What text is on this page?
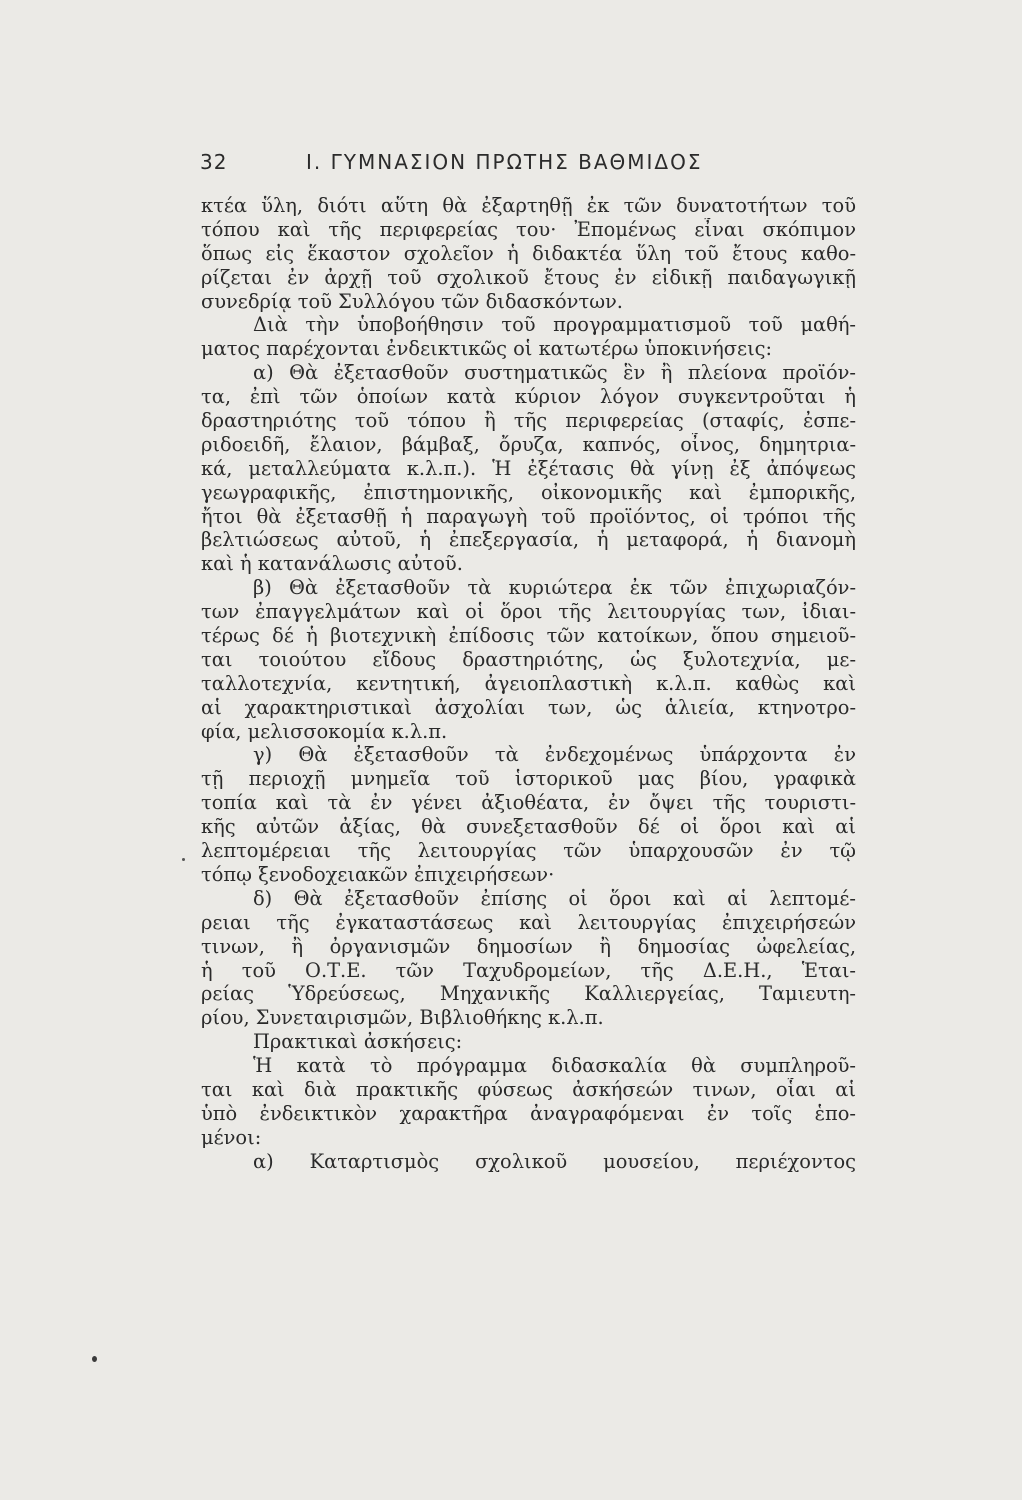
32	Ι. ΓΥΜΝΑΣΙΟΝ ΠΡΩΤΗΣ ΒΑΘΜΙΔΟΣ
κτέα ὕλη, διότι αὕτη θὰ ἐξαρτηθῇ ἐκ τῶν δυνατοτήτων τοῦ
τόπου καὶ τῆς περιφερείας του· Ἐπομένως εἶναι σκόπιμον
ὅπως εἰς ἕκαστον σχολεῖον ἡ διδακτέα ὕλη τοῦ ἔτους καθο-
ρίζεται ἐν ἀρχῇ τοῦ σχολικοῦ ἔτους ἐν εἰδικῇ παιδαγωγικῇ
συνεδρίᾳ τοῦ Συλλόγου τῶν διδασκόντων.
Διὰ τὴν ὑποβοήθησιν τοῦ προγραμματισμοῦ τοῦ μαθή-
ματος παρέχονται ἐνδεικτικῶς οἱ κατωτέρω ὑποκινήσεις:
α) Θὰ ἐξετασθοῦν συστηματικῶς ἓν ἢ πλείονα προϊόν-
τα, ἐπὶ τῶν ὁποίων κατὰ κύριον λόγον συγκεντροῦται ἡ
δραστηριότης τοῦ τόπου ἢ τῆς περιφερείας (σταφίς, ἐσπε-
ριδοειδῆ, ἔλαιον, βάμβαξ, ὄρυζα, καπνός, οἶνος, δημητρια-
κά, μεταλλεύματα κ.λ.π.). Ἡ ἐξέτασις θὰ γίνῃ ἐξ ἀπόψεως
γεωγραφικῆς, ἐπιστημονικῆς, οἰκονομικῆς καὶ ἐμπορικῆς,
ἤτοι θὰ ἐξετασθῇ ἡ παραγωγὴ τοῦ προϊόντος, οἱ τρόποι τῆς
βελτιώσεως αὐτοῦ, ἡ ἐπεξεργασία, ἡ μεταφορά, ἡ διανομὴ
καὶ ἡ κατανάλωσις αὐτοῦ.
β) Θὰ ἐξετασθοῦν τὰ κυριώτερα ἐκ τῶν ἐπιχωριαζόν-
των ἐπαγγελμάτων καὶ οἱ ὅροι τῆς λειτουργίας των, ἰδιαι-
τέρως δέ ἡ βιοτεχνικὴ ἐπίδοσις τῶν κατοίκων, ὅπου σημειοῦ-
ται τοιούτου εἴδους δραστηριότης, ὡς ξυλοτεχνία, με-
ταλλοτεχνία, κεντητική, ἀγειοπλαστικὴ κ.λ.π. καθὼς καὶ
αἱ χαρακτηριστικαὶ ἀσχολίαι των, ὡς ἁλιεία, κτηνοτρο-
φία, μελισσοκομία κ.λ.π.
γ) Θὰ ἐξετασθοῦν τὰ ἐνδεχομένως ὑπάρχοντα ἐν
τῇ περιοχῇ μνημεῖα τοῦ ἱστορικοῦ μας βίου, γραφικὰ
τοπία καὶ τὰ ἐν γένει ἀξιοθέατα, ἐν ὄψει τῆς τουριστι-
κῆς αὐτῶν ἀξίας, θὰ συνεξετασθοῦν δέ οἱ ὅροι καὶ αἱ
λεπτομέρειαι τῆς λειτουργίας τῶν ὑπαρχουσῶν ἐν τῷ
τόπῳ ξενοδοχειακῶν ἐπιχειρήσεων·
δ) Θὰ ἐξετασθοῦν ἐπίσης οἱ ὅροι καὶ αἱ λεπτομέ-
ρειαι τῆς ἐγκαταστάσεως καὶ λειτουργίας ἐπιχειρήσεών
τινων, ἢ ὀργανισμῶν δημοσίων ἢ δημοσίας ὠφελείας,
ἡ τοῦ Ο.Τ.Ε. τῶν Ταχυδρομείων, τῆς Δ.Ε.Η., Ἑται-
ρείας Ὑδρεύσεως, Μηχανικῆς Καλλιεργείας, Ταμιευτη-
ρίου, Συνεταιρισμῶν, Βιβλιοθήκης κ.λ.π.
Πρακτικαὶ ἀσκήσεις:
Ἡ κατὰ τὸ πρόγραμμα διδασκαλία θὰ συμπληροῦ-
ται καὶ διὰ πρακτικῆς φύσεως ἀσκήσεών τινων, οἷαι αἱ
ὑπὸ ἐνδεικτικὸν χαρακτῆρα ἀναγραφόμεναι ἐν τοῖς ἑπο-
μένοι:
α) Καταρτισμὸς σχολικοῦ μουσείου, περιέχοντος
